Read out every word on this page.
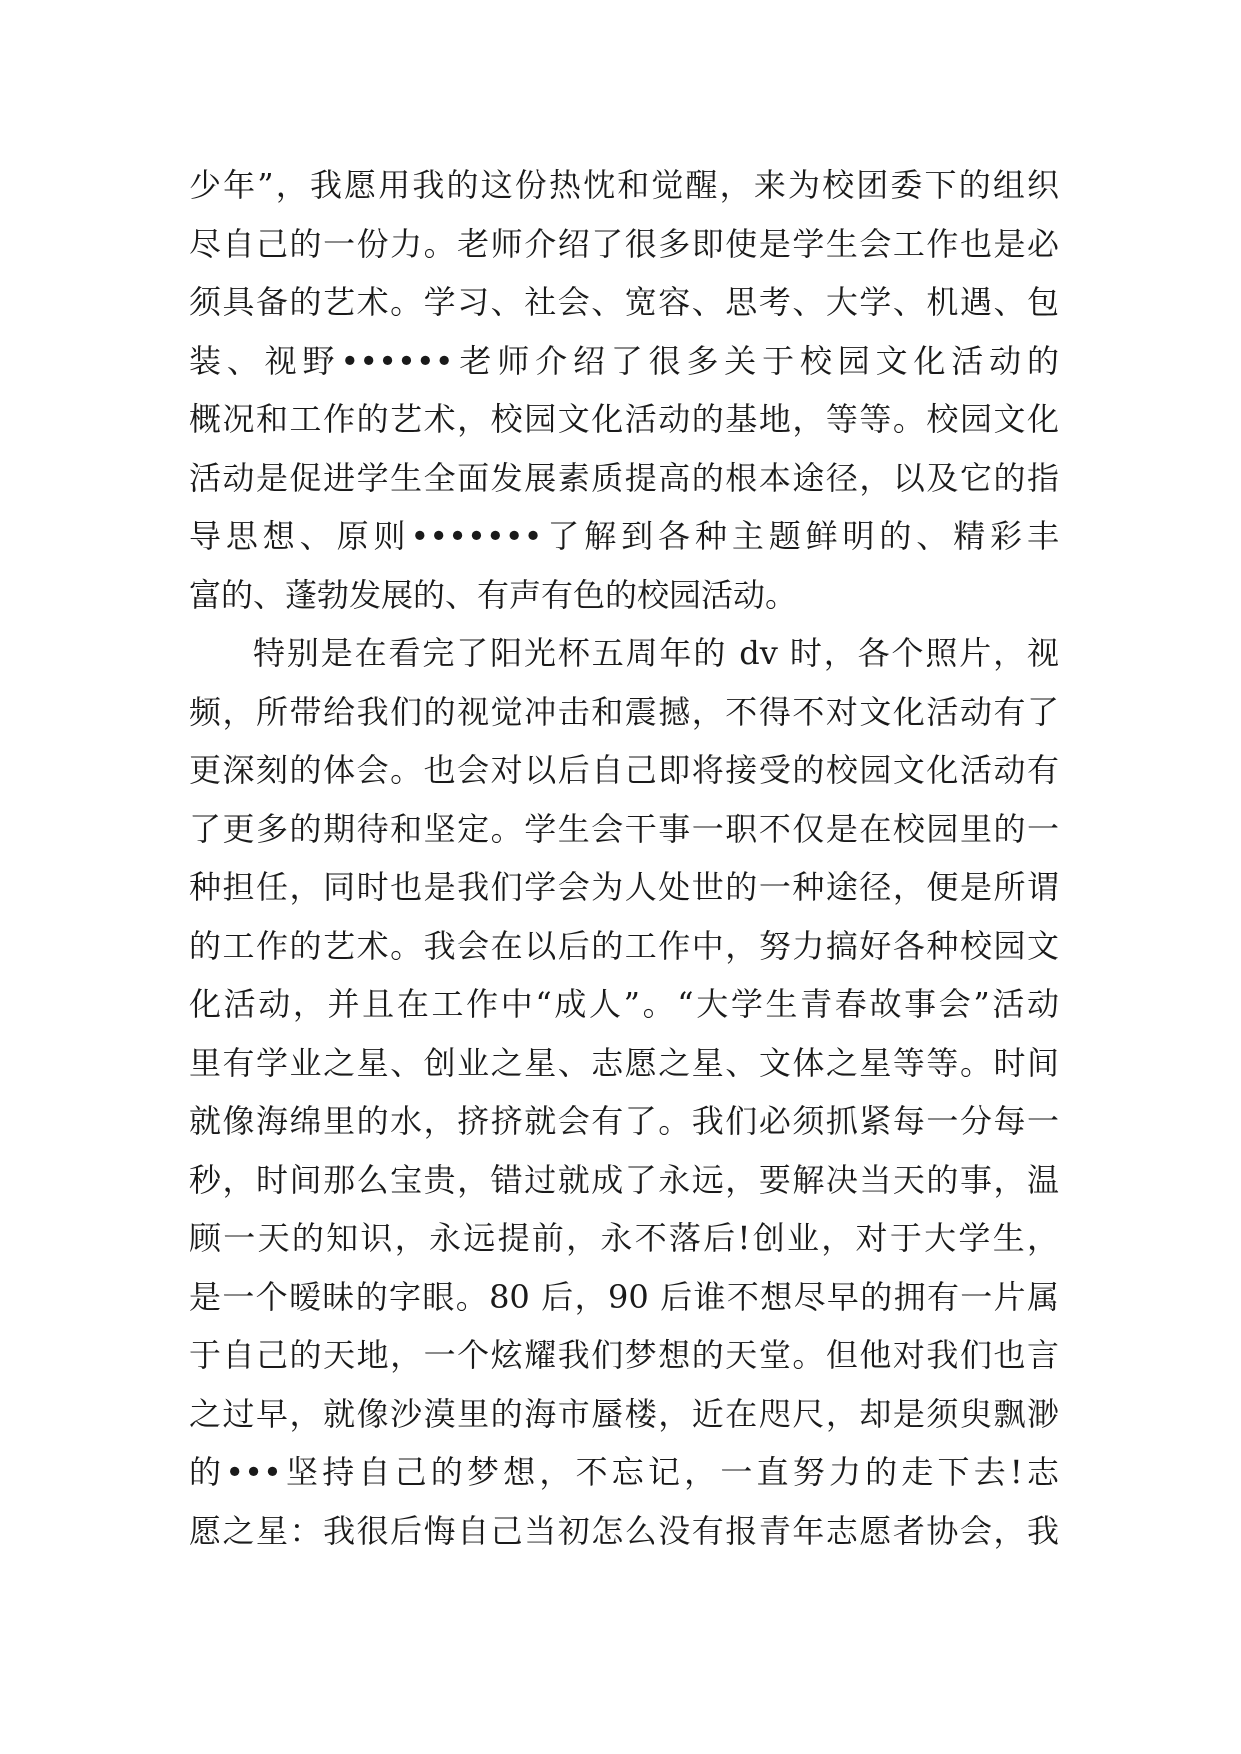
少年”，我愿用我的这份热忱和觉醒，来为校团委下的组织
尽自己的一份力。老师介绍了很多即使是学生会工作也是必
须具备的艺术。学习、社会、宽容、思考、大学、机遇、包
装、视野••••••老师介绍了很多关于校园文化活动的
概况和工作的艺术，校园文化活动的基地，等等。校园文化
活动是促进学生全面发展素质提高的根本途径，以及它的指
导思想、原则•••••••了解到各种主题鲜明的、精彩丰
富的、蓬勃发展的、有声有色的校园活动。
特别是在看完了阳光杯五周年的 dv 时，各个照片，视
频，所带给我们的视觉冲击和震撼，不得不对文化活动有了
更深刻的体会。也会对以后自己即将接受的校园文化活动有
了更多的期待和坚定。学生会干事一职不仅是在校园里的一
种担任，同时也是我们学会为人处世的一种途径，便是所谓
的工作的艺术。我会在以后的工作中，努力搞好各种校园文
化活动，并且在工作中“成人”。“大学生青春故事会”活动
里有学业之星、创业之星、志愿之星、文体之星等等。时间
就像海绵里的水，挤挤就会有了。我们必须抓紧每一分每一
秒，时间那么宝贵，错过就成了永远，要解决当天的事，温
顾一天的知识，永远提前，永不落后!创业，对于大学生，
是一个暧昧的字眼。80 后，90 后谁不想尽早的拥有一片属
于自己的天地，一个炫耀我们梦想的天堂。但他对我们也言
之过早，就像沙漠里的海市蜃楼，近在咫尺，却是须臾飘渺
的•••坚持自己的梦想，不忘记，一直努力的走下去!志
愿之星：我很后悔自己当初怎么没有报青年志愿者协会，我
